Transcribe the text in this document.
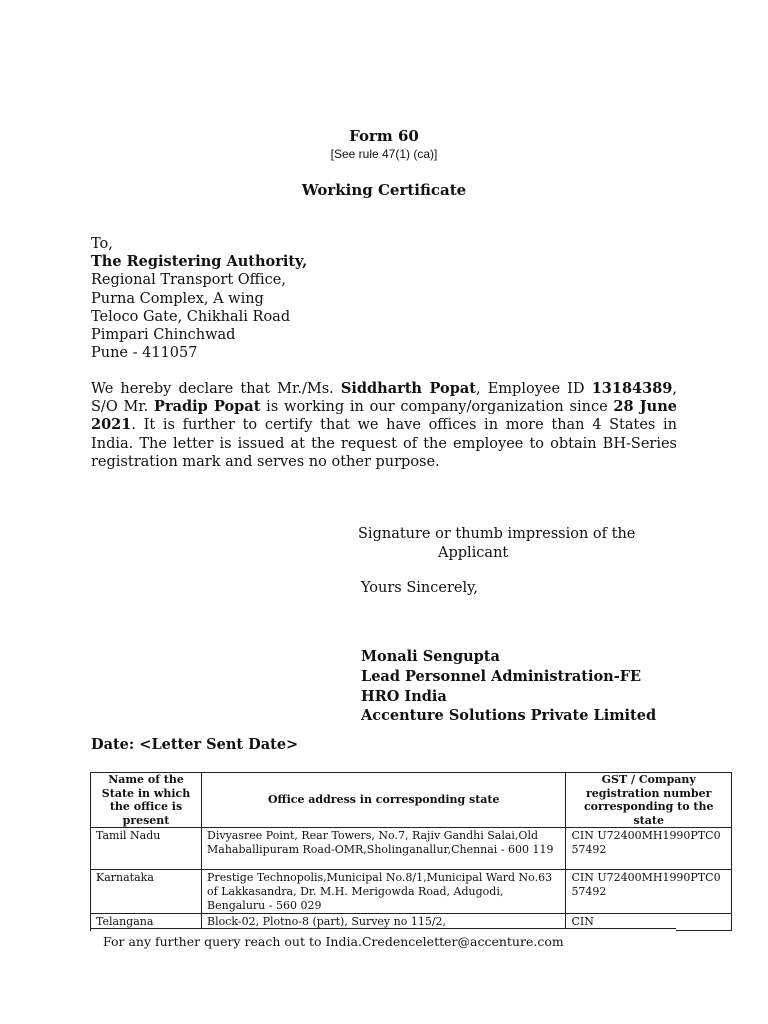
Form 60
[See rule 47(1) (ca)]
Working Certificate
To,
The Registering Authority,
Regional Transport Office,
Purna Complex, A wing
Teloco Gate, Chikhali Road
Pimpari Chinchwad
Pune - 411057
We hereby declare that Mr./Ms. Siddharth Popat, Employee ID 13184389, S/O Mr. Pradip Popat is working in our company/organization since 28 June 2021. It is further to certify that we have offices in more than 4 States in India. The letter is issued at the request of the employee to obtain BH-Series registration mark and serves no other purpose.
Signature or thumb impression of the
Applicant
Yours Sincerely,
Monali Sengupta
Lead Personnel Administration-FE
HRO India
Accenture Solutions Private Limited
Date: <Letter Sent Date>
Name of the State in which the office is present	Office address in corresponding state	GST / Company registration number corresponding to the state
Tamil Nadu	Divyasree Point, Rear Towers, No.7, Rajiv Gandhi Salai,Old Mahaballipuram Road-OMR,Sholinganallur,Chennai - 600 119	CIN U72400MH1990PTC057492
Karnataka	Prestige Technopolis,Municipal No.8/1,Municipal Ward No.63 of Lakkasandra, Dr. M.H. Merigowda Road, Adugodi, Bengaluru - 560 029	CIN U72400MH1990PTC057492
Telangana	Block-02, Plotno-8 (part), Survey no 115/2,	CIN
For any further query reach out to India.Credenceletter@accenture.com
